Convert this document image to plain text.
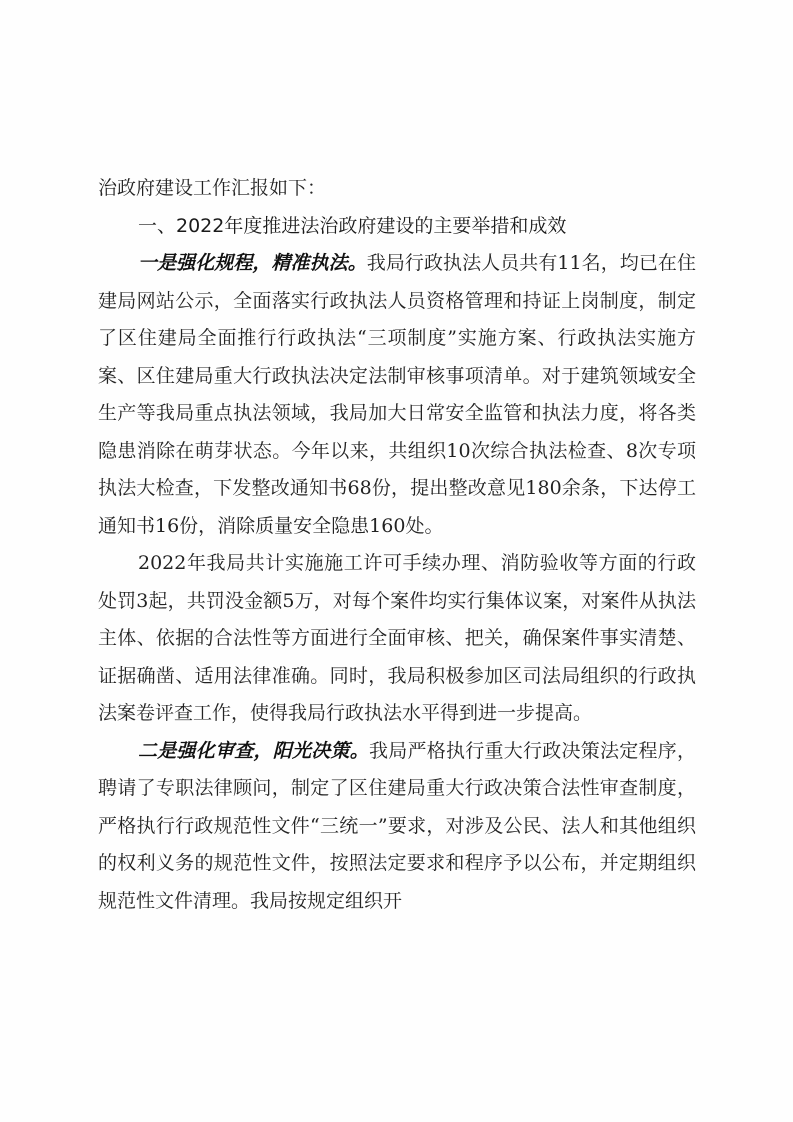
治政府建设工作汇报如下：

一、2022年度推进法治政府建设的主要举措和成效

一是强化规程，精准执法。我局行政执法人员共有11名，均已在住建局网站公示，全面落实行政执法人员资格管理和持证上岗制度，制定了区住建局全面推行行政执法“三项制度”实施方案、行政执法实施方案、区住建局重大行政执法决定法制审核事项清单。对于建筑领域安全生产等我局重点执法领域，我局加大日常安全监管和执法力度，将各类隐患消除在萌芽状态。今年以来，共组织10次综合执法检查、8次专项执法大检查，下发整改通知书68份，提出整改意见180余条，下达停工通知书16份，消除质量安全隐患160处。

2022年我局共计实施施工许可手续办理、消防验收等方面的行政处罚3起，共罚没金额5万，对每个案件均实行集体议案，对案件从执法主体、依据的合法性等方面进行全面审核、把关，确保案件事实清楚、证据确凿、适用法律准确。同时，我局积极参加区司法局组织的行政执法案卷评查工作，使得我局行政执法水平得到进一步提高。

二是强化审查，阳光决策。我局严格执行重大行政决策法定程序，聘请了专职法律顾问，制定了区住建局重大行政决策合法性审查制度，严格执行行政规范性文件“三统一”要求，对涉及公民、法人和其他组织的权利义务的规范性文件，按照法定要求和程序予以公布，并定期组织规范性文件清理。我局按规定组织开
